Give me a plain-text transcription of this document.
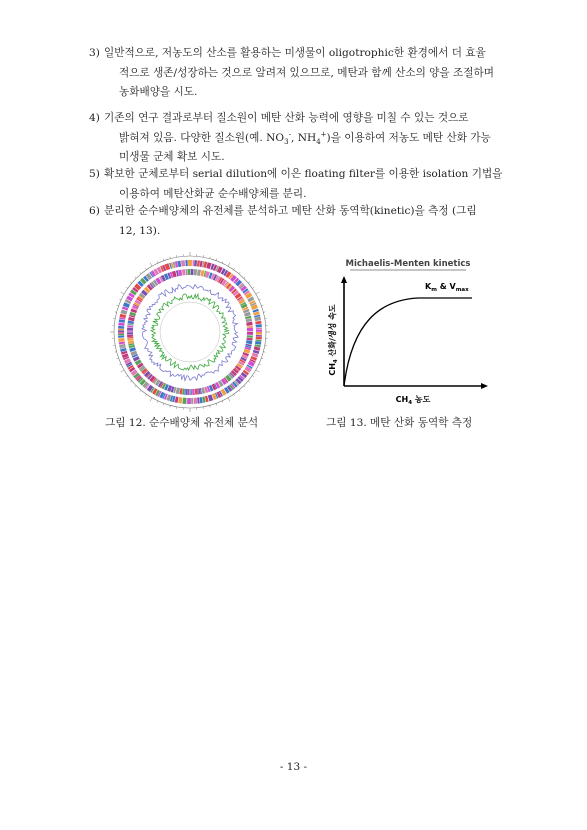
3) 일반적으로, 저농도의 산소를 활용하는 미생물이 oligotrophic한 환경에서 더 효율
적으로 생존/성장하는 것으로 알려져 있으므로, 메탄과 함께 산소의 양을 조절하며
농화배양을 시도.
4) 기존의 연구 결과로부터 질소원이 메탄 산화 능력에 영향을 미칠 수 있는 것으로
밝혀져 있음. 다양한 질소원(예. $NO_3^-$, $NH_4^+$)을 이용하여 저농도 메탄 산화 가능
미생물 군체 확보 시도.
5) 확보한 군체로부터 serial dilution에 이은 floating filter를 이용한 isolation 기법을
이용하여 메탄산화균 순수배양체를 분리.
6) 분리한 순수배양체의 유전체를 분석하고 메탄 산화 동역학(kinetic)을 측정 (그림
12, 13).
그림 12. 순수배양체 유전체 분석
Michaelis-Menten kinetics
$K_m$ & $V_{max}$
$CH_4$ 산화/생성 속도
$CH_4$ 농도
그림 13. 메탄 산화 동역학 측정
- 13 -
